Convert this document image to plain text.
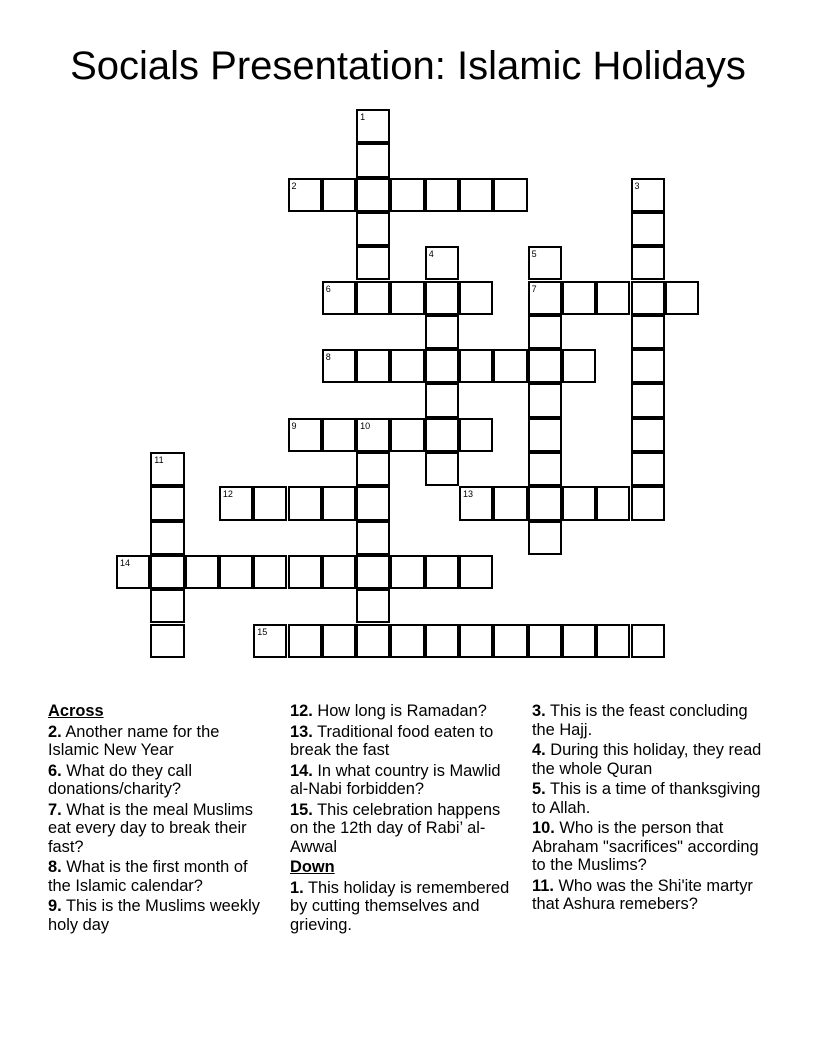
Socials Presentation: Islamic Holidays
1
2	3
4	5
7
6
8
9	10
11
12	13
14
15
Across
2. Another name for the Islamic New Year
6. What do they call donations/charity?
7. What is the meal Muslims eat every day to break their fast?
8. What is the first month of the Islamic calendar?
9. This is the Muslims weekly holy day
12. How long is Ramadan?
13. Traditional food eaten to break the fast
14. In what country is Mawlid al-Nabi forbidden?
15. This celebration happens on the 12th day of Rabi’ al-Awwal
Down
1. This holiday is remembered by cutting themselves and grieving.
3. This is the feast concluding the Hajj.
4. During this holiday, they read the whole Quran
5. This is a time of thanksgiving to Allah.
10. Who is the person that Abraham "sacrifices" according to the Muslims?
11. Who was the Shi'ite martyr that Ashura remebers?
